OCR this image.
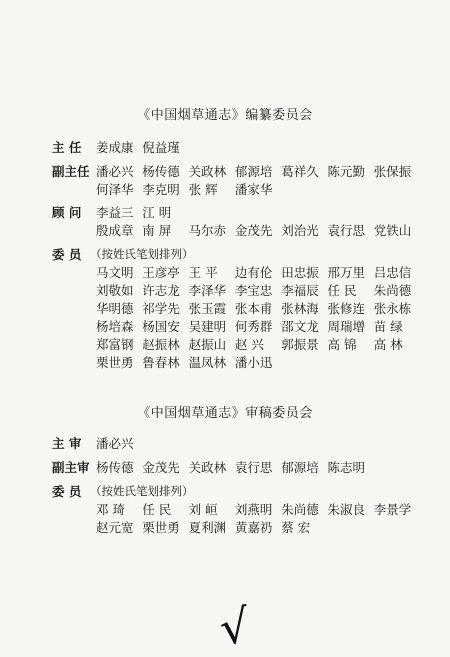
《中国烟草通志》编纂委员会
主 任 姜成康 倪益瑾
副主任 潘必兴 杨传德 关政林 郁源培 葛祥久 陈元勤 张保振
何泽华 李克明 张 辉 潘家华
顾 问 李益三 江 明
殷成章 南 屏 马尔赤 金茂先 刘治光 袁行思 党铁山
委 员 （按姓氏笔划排列）
马文明 王彦亭 王 平 边有伦 田忠振 邢万里 吕忠信
刘敬如 许志龙 李泽华 李宝忠 李福辰 任 民 朱尚德
华明德 祁学先 张玉霞 张本甫 张林海 张修连 张永栋
杨培森 杨国安 吴建明 何秀群 邵文龙 周瑞增 苗 绿
郑富钢 赵振林 赵振山 赵 兴 郭振景 高 锦 高 林
栗世勇 鲁春林 温凤林 潘小迅
《中国烟草通志》审稿委员会
主 审 潘必兴
副主审 杨传德 金茂先 关政林 袁行思 郁源培 陈志明
委 员 （按姓氏笔划排列）
邓 琦 任 民 刘 峘 刘燕明 朱尚德 朱淑良 李景学
赵元宽 栗世勇 夏利渊 黄嘉礽 蔡 宏
√
